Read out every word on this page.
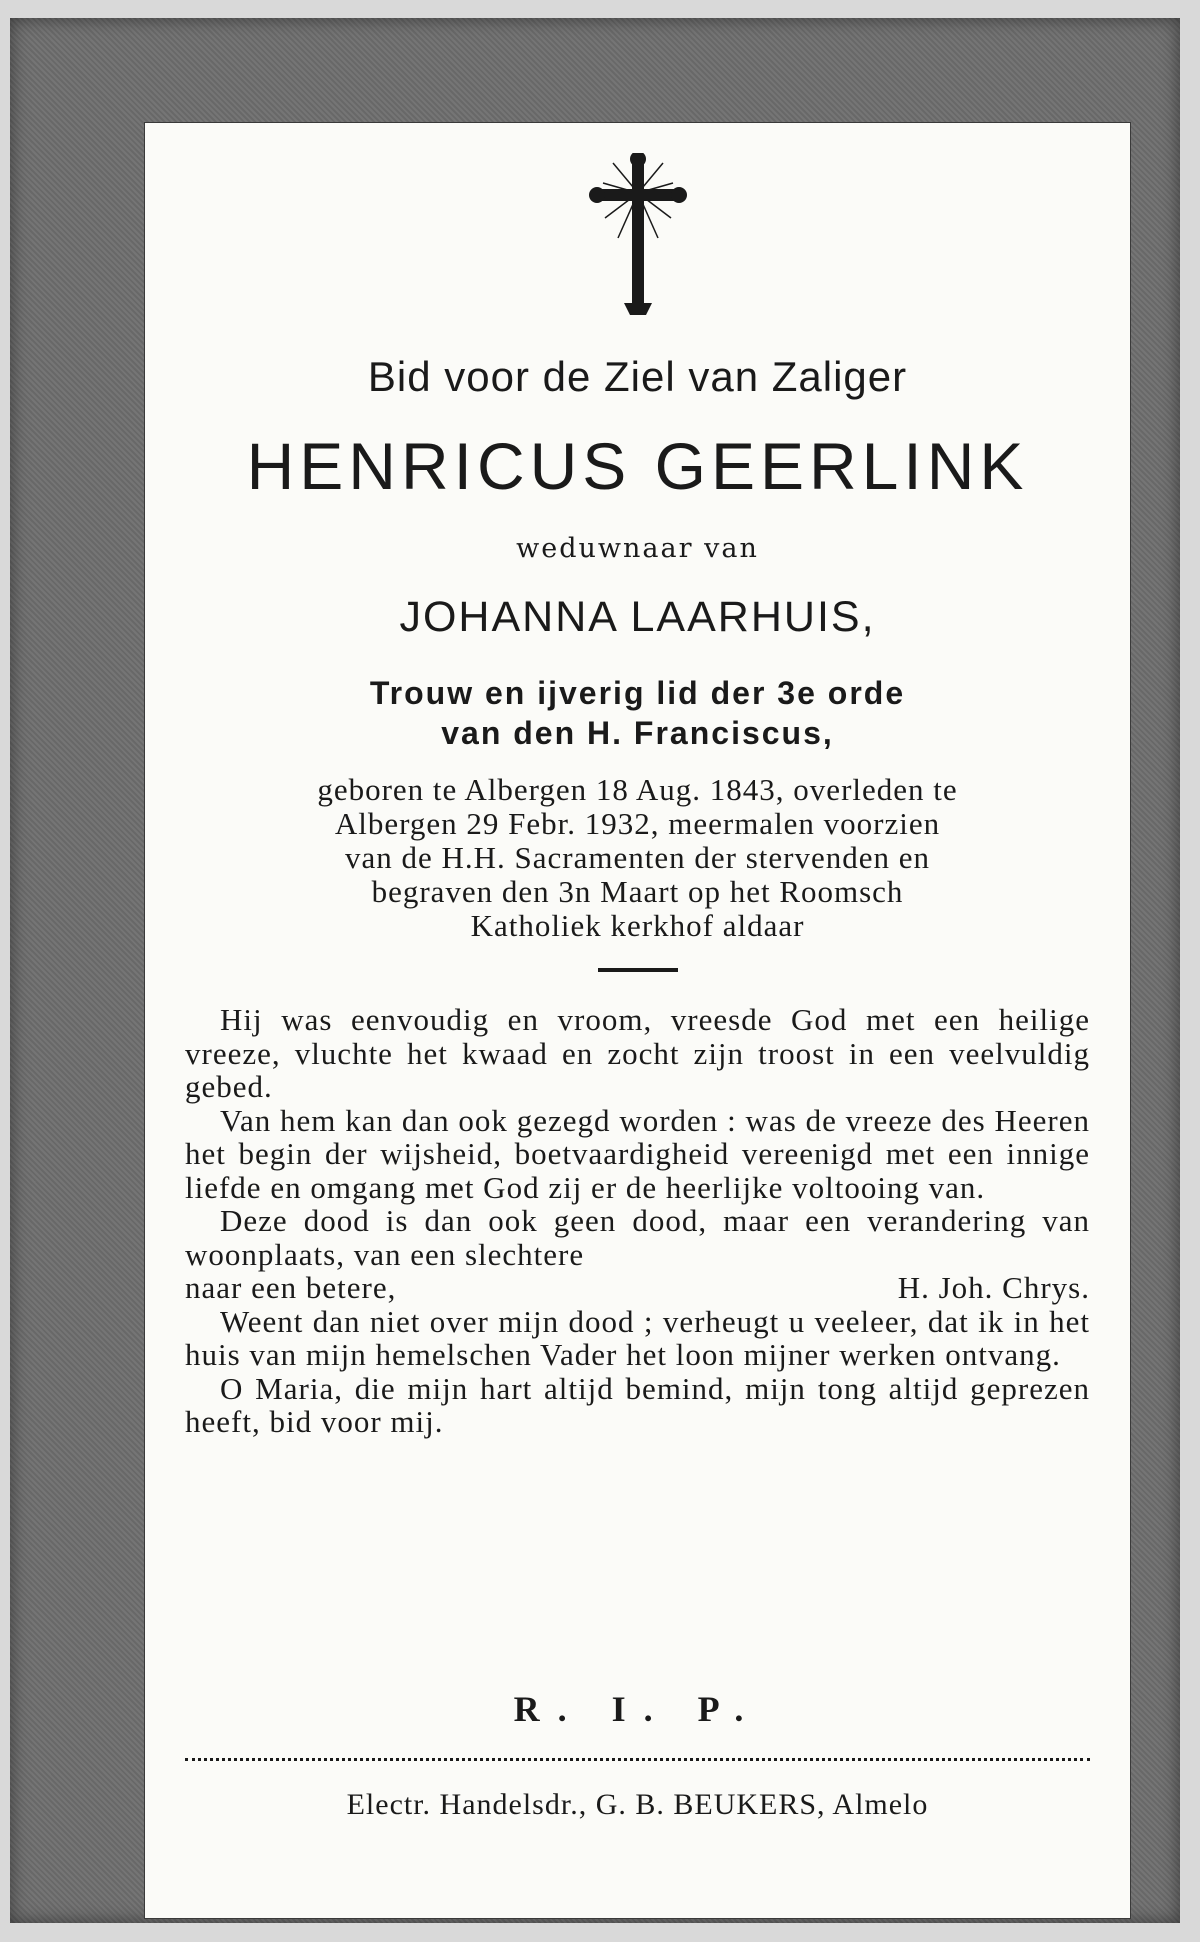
Bid voor de Ziel van Zaliger
HENRICUS GEERLINK
weduwnaar van
JOHANNA LAARHUIS,
Trouw en ijverig lid der 3e orde
van den H. Franciscus,
geboren te Albergen 18 Aug. 1843, overleden te
Albergen 29 Febr. 1932, meermalen voorzien
van de H.H. Sacramenten der stervenden en
begraven den 3n Maart op het Roomsch
Katholiek kerkhof aldaar

Hij was eenvoudig en vroom, vreesde God met een heilige vreeze, vluchte het kwaad en zocht zijn troost in een veelvuldig gebed.

Van hem kan dan ook gezegd worden : was de vreeze des Heeren het begin der wijsheid, boetvaardigheid vereenigd met een innige liefde en omgang met God zij er de heerlijke voltooing van.

Deze dood is dan ook geen dood, maar een verandering van woonplaats, van een slechtere

naar een betere,	H. Joh. Chrys.

Weent dan niet over mijn dood ; verheugt u veeleer, dat ik in het huis van mijn hemelschen Vader het loon mijner werken ontvang.

O Maria, die mijn hart altijd bemind, mijn tong altijd geprezen heeft, bid voor mij.

R. I. P.
Electr. Handelsdr., G. B. BEUKERS, Almelo
